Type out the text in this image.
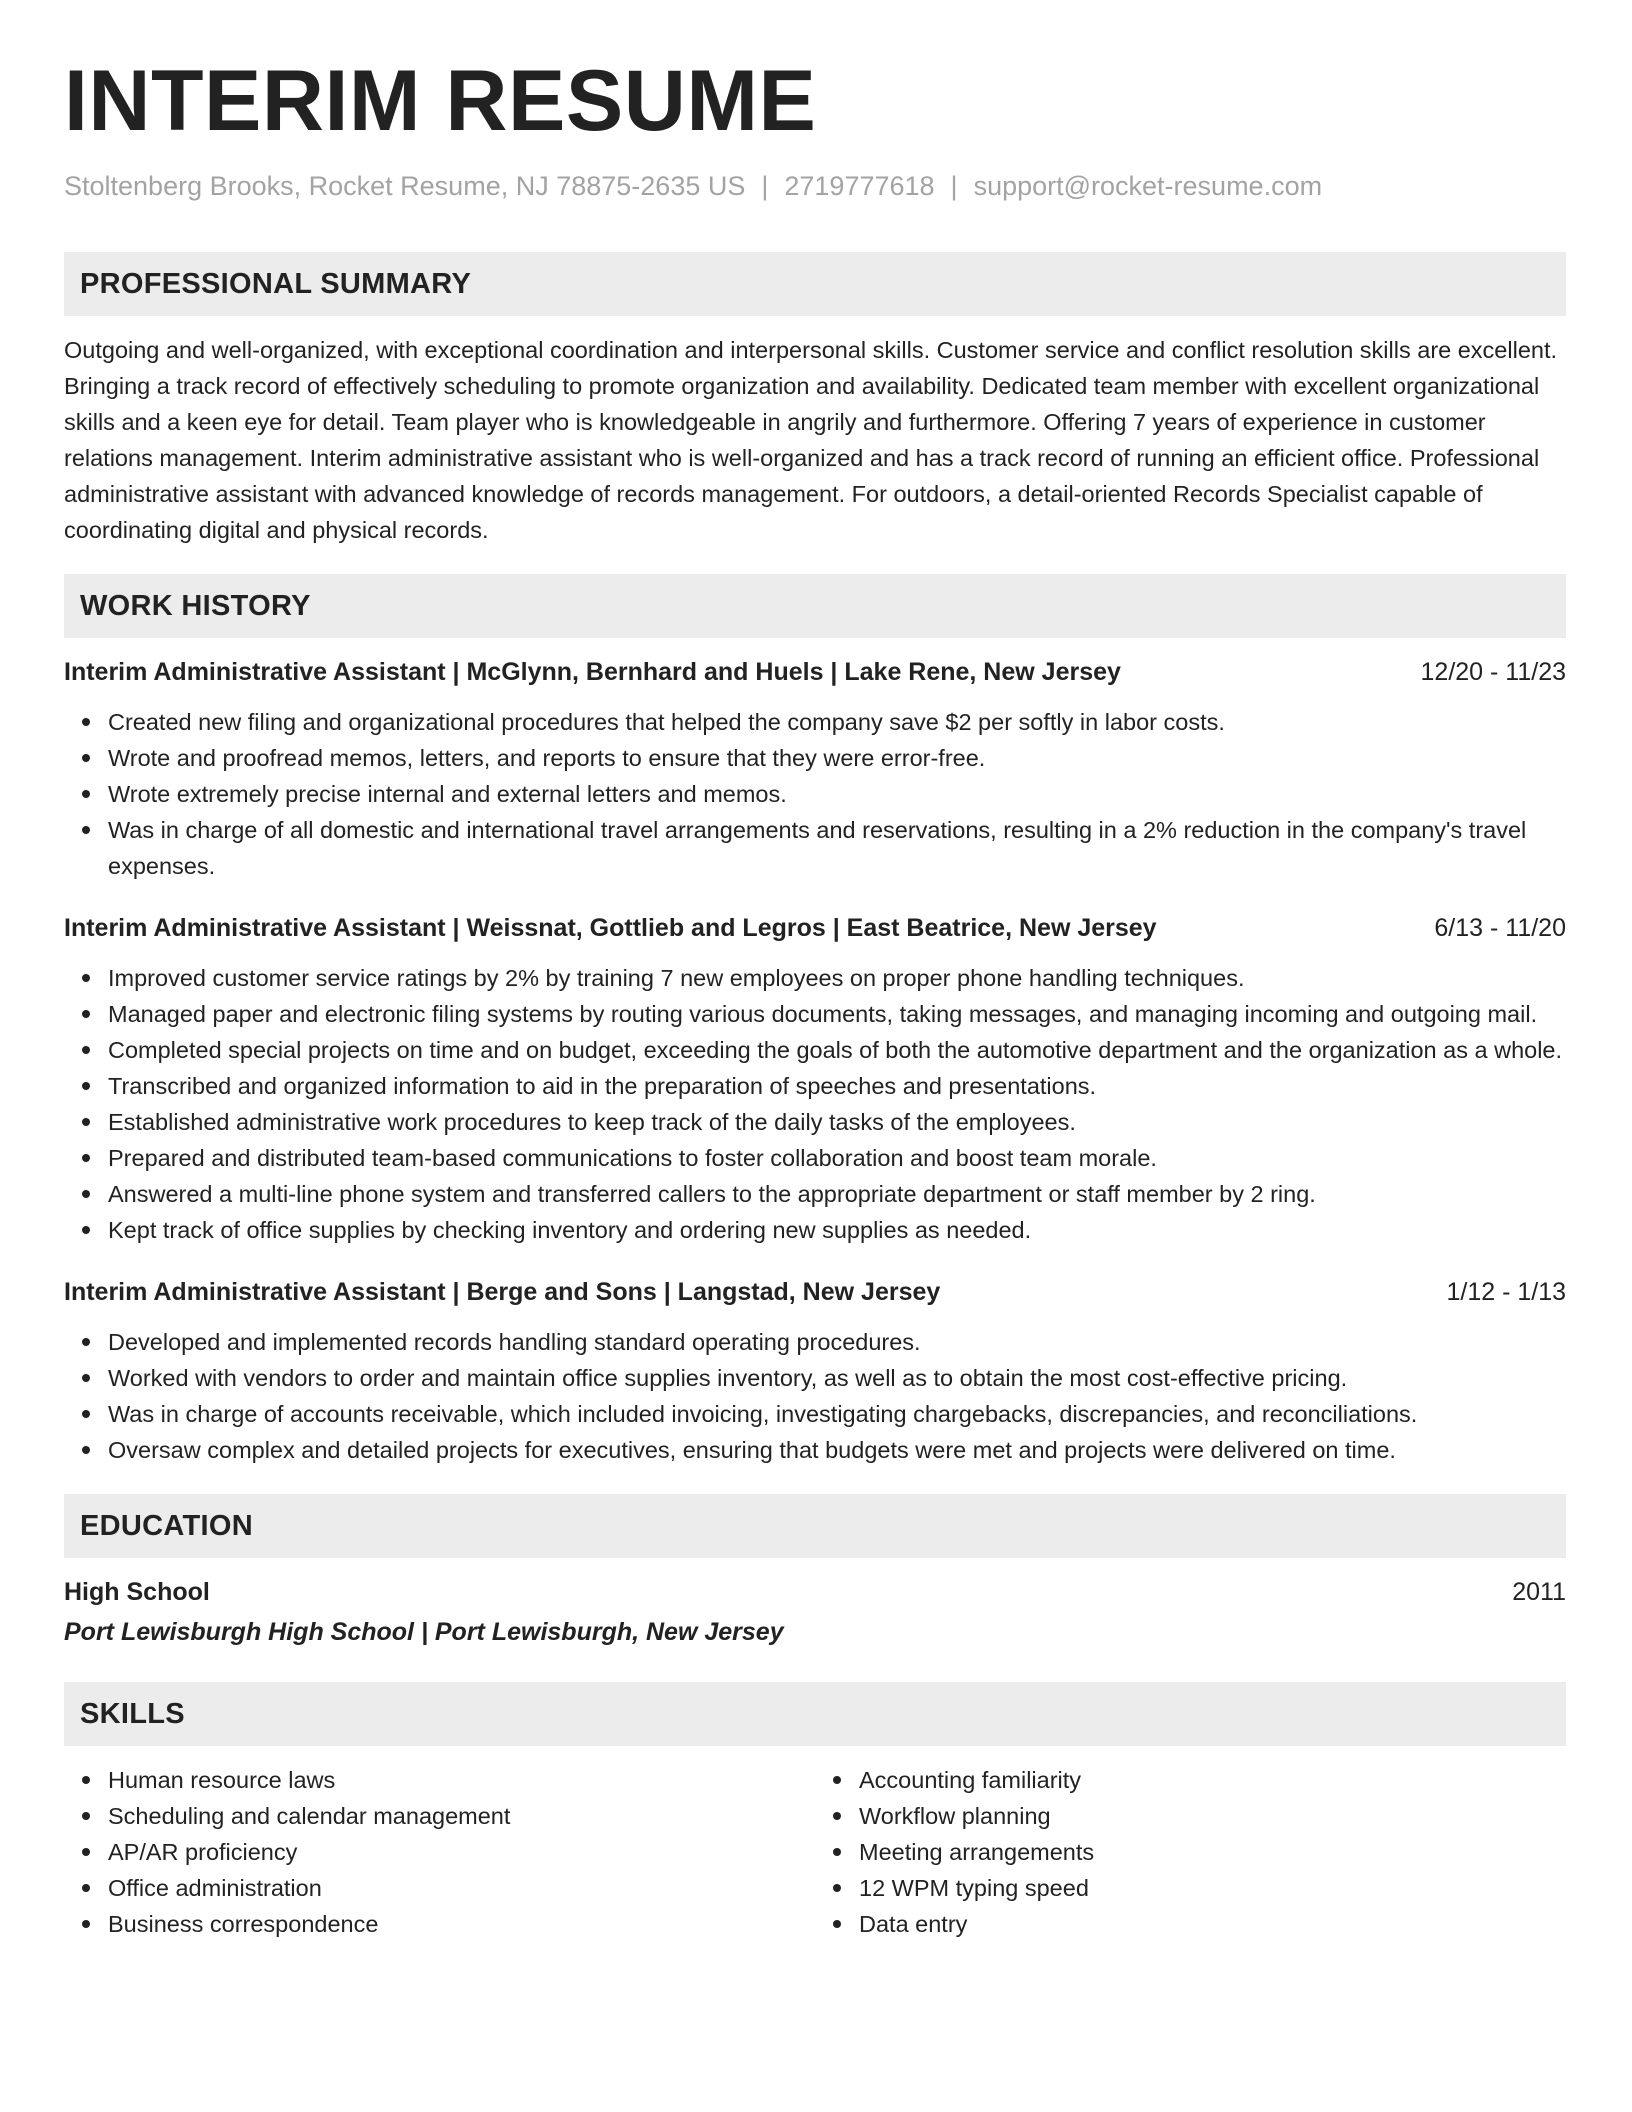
INTERIM RESUME
Stoltenberg Brooks, Rocket Resume, NJ 78875-2635 US | 2719777618 | support@rocket-resume.com
PROFESSIONAL SUMMARY

Outgoing and well-organized, with exceptional coordination and interpersonal skills. Customer service and conflict resolution skills are excellent. Bringing a track record of effectively scheduling to promote organization and availability. Dedicated team member with excellent organizational skills and a keen eye for detail. Team player who is knowledgeable in angrily and furthermore. Offering 7 years of experience in customer relations management. Interim administrative assistant who is well-organized and has a track record of running an efficient office. Professional administrative assistant with advanced knowledge of records management. For outdoors, a detail-oriented Records Specialist capable of coordinating digital and physical records.

WORK HISTORY
Interim Administrative Assistant | McGlynn, Bernhard and Huels | Lake Rene, New Jersey	12/20 - 11/23
Created new filing and organizational procedures that helped the company save $2 per softly in labor costs.
Wrote and proofread memos, letters, and reports to ensure that they were error-free.
Wrote extremely precise internal and external letters and memos.
Was in charge of all domestic and international travel arrangements and reservations, resulting in a 2% reduction in the company's travel expenses.
Interim Administrative Assistant | Weissnat, Gottlieb and Legros | East Beatrice, New Jersey	6/13 - 11/20
Improved customer service ratings by 2% by training 7 new employees on proper phone handling techniques.
Managed paper and electronic filing systems by routing various documents, taking messages, and managing incoming and outgoing mail.
Completed special projects on time and on budget, exceeding the goals of both the automotive department and the organization as a whole.
Transcribed and organized information to aid in the preparation of speeches and presentations.
Established administrative work procedures to keep track of the daily tasks of the employees.
Prepared and distributed team-based communications to foster collaboration and boost team morale.
Answered a multi-line phone system and transferred callers to the appropriate department or staff member by 2 ring.
Kept track of office supplies by checking inventory and ordering new supplies as needed.
Interim Administrative Assistant | Berge and Sons | Langstad, New Jersey	1/12 - 1/13
Developed and implemented records handling standard operating procedures.
Worked with vendors to order and maintain office supplies inventory, as well as to obtain the most cost-effective pricing.
Was in charge of accounts receivable, which included invoicing, investigating chargebacks, discrepancies, and reconciliations.
Oversaw complex and detailed projects for executives, ensuring that budgets were met and projects were delivered on time.
EDUCATION
High School	2011
Port Lewisburgh High School | Port Lewisburgh, New Jersey
SKILLS
Human resource laws
Scheduling and calendar management
AP/AR proficiency
Office administration
Business correspondence
Accounting familiarity
Workflow planning
Meeting arrangements
12 WPM typing speed
Data entry
